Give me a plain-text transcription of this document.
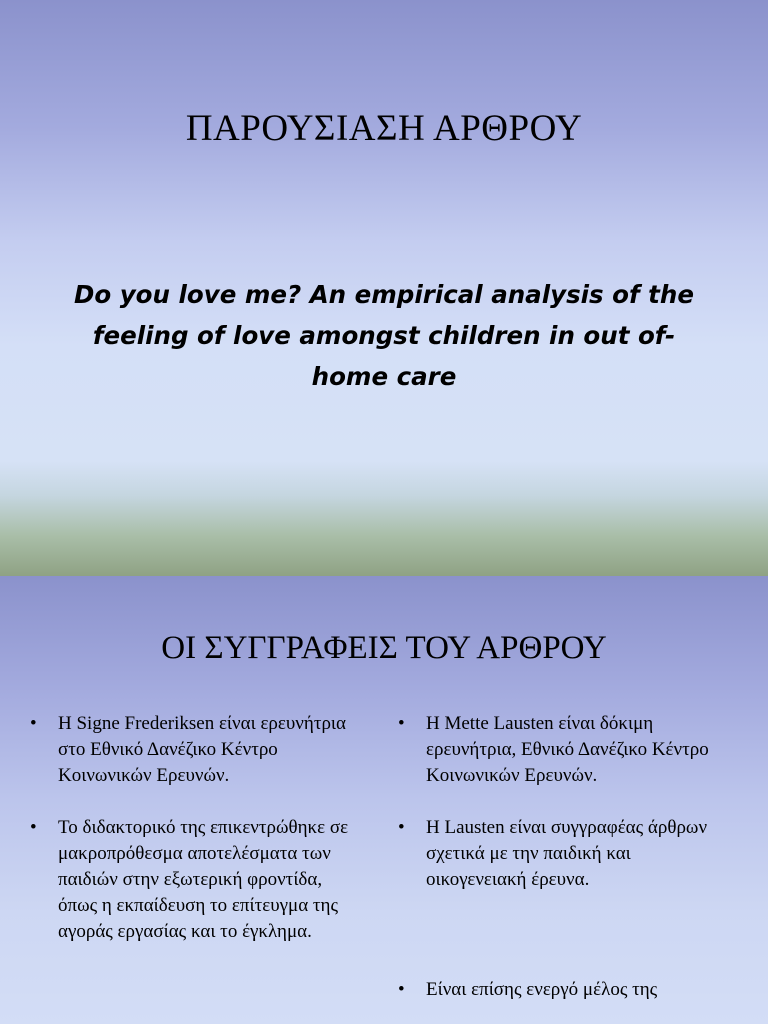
ΠΑΡΟΥΣΙΑΣΗ ΑΡΘΡΟΥ

Do you love me? An empirical analysis of the feeling of love amongst children in out of-home care

ΟΙ ΣΥΓΓΡΑΦΕΙΣ ΤΟΥ ΑΡΘΡΟΥ
•	Η Signe Frederiksen είναι ερευνήτρια στο Εθνικό Δανέζικο Κέντρο Κοινωνικών Ερευνών.
•	Το διδακτορικό της επικεντρώθηκε σε μακροπρόθεσμα αποτελέσματα των παιδιών στην εξωτερική φροντίδα, όπως η εκπαίδευση το επίτευγμα της αγοράς εργασίας και το έγκλημα.
•	Η Mette Lausten είναι δόκιμη ερευνήτρια, Εθνικό Δανέζικο Κέντρο Κοινωνικών Ερευνών.
•	Η Lausten είναι συγγραφέας άρθρων σχετικά με την παιδική και οικογενειακή έρευνα.
•	Είναι επίσης ενεργό μέλος της
